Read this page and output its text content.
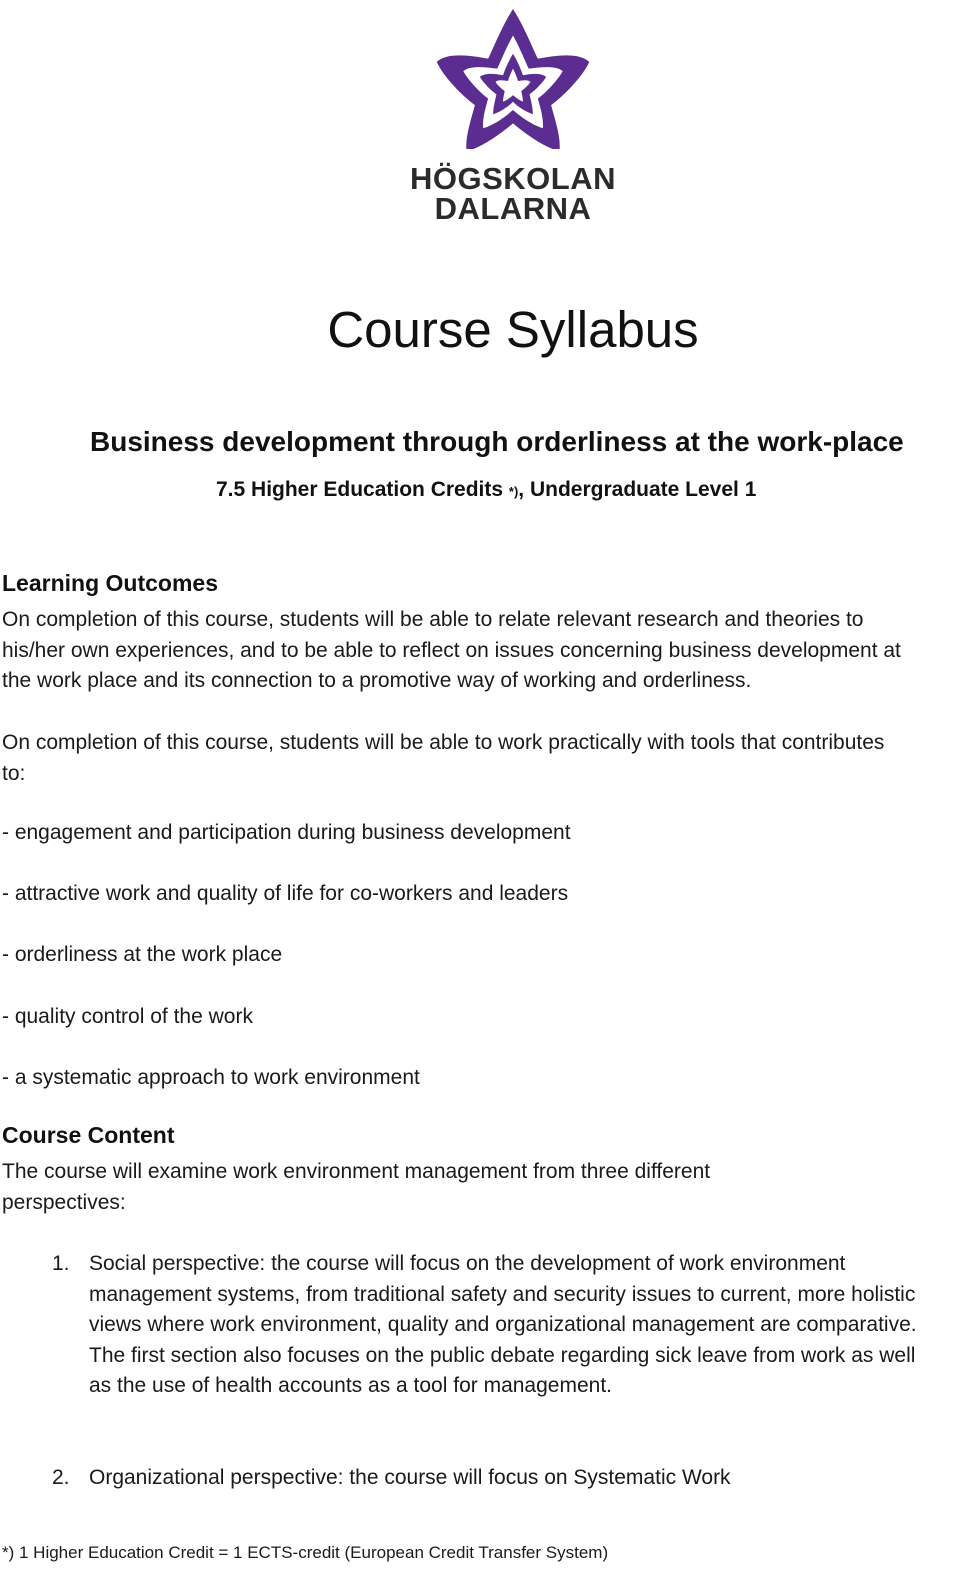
HÖGSKOLAN
DALARNA
Course Syllabus
Business development through orderliness at the work-place
7.5 Higher Education Credits *), Undergraduate Level 1
Learning Outcomes
On completion of this course, students will be able to relate relevant research and theories to his/her own experiences, and to be able to reflect on issues concerning business development at the work place and its connection to a promotive way of working and orderliness.
On completion of this course, students will be able to work practically with tools that contributes to:
- engagement and participation during business development
- attractive work and quality of life for co-workers and leaders
- orderliness at the work place
- quality control of the work
- a systematic approach to work environment
Course Content
The course will examine work environment management from three different perspectives:
1. Social perspective: the course will focus on the development of work environment management systems, from traditional safety and security issues to current, more holistic views where work environment, quality and organizational management are comparative. The first section also focuses on the public debate regarding sick leave from work as well as the use of health accounts as a tool for management.
2. Organizational perspective: the course will focus on Systematic Work
*) 1 Higher Education Credit = 1 ECTS-credit (European Credit Transfer System)
